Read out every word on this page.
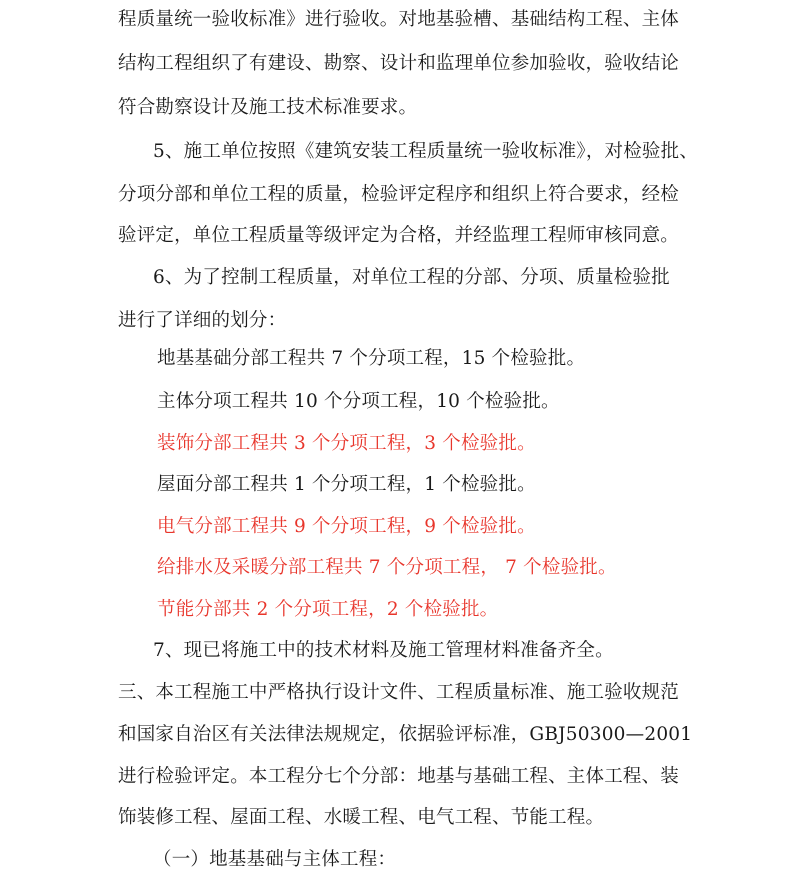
程质量统一验收标准》进行验收。对地基验槽、基础结构工程、主体
结构工程组织了有建设、勘察、设计和监理单位参加验收，验收结论
符合勘察设计及施工技术标准要求。
5、施工单位按照《建筑安装工程质量统一验收标准》，对检验批、
分项分部和单位工程的质量，检验评定程序和组织上符合要求，经检
验评定，单位工程质量等级评定为合格，并经监理工程师审核同意。
6、为了控制工程质量，对单位工程的分部、分项、质量检验批
进行了详细的划分：
地基基础分部工程共 7 个分项工程，15 个检验批。
主体分项工程共 10 个分项工程，10 个检验批。
装饰分部工程共 3 个分项工程，3 个检验批。
屋面分部工程共 1 个分项工程，1 个检验批。
电气分部工程共 9 个分项工程，9 个检验批。
给排水及采暖分部工程共 7 个分项工程， 7 个检验批。
节能分部共 2 个分项工程，2 个检验批。
7、现已将施工中的技术材料及施工管理材料准备齐全。
三、本工程施工中严格执行设计文件、工程质量标准、施工验收规范
和国家自治区有关法律法规规定，依据验评标准，GBJ50300—2001
进行检验评定。本工程分七个分部：地基与基础工程、主体工程、装
饰装修工程、屋面工程、水暖工程、电气工程、节能工程。
（一）地基基础与主体工程：
